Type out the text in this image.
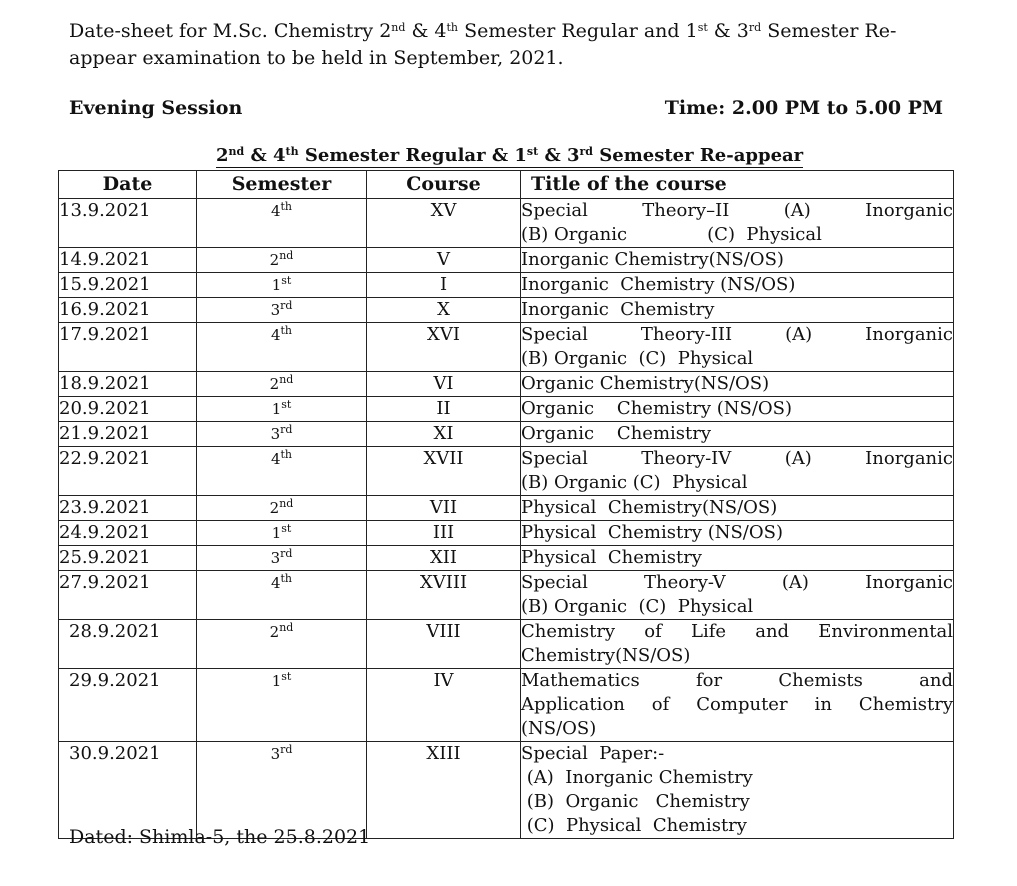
Date-sheet for M.Sc. Chemistry 2nd & 4th Semester Regular and 1st & 3rd Semester Re-
appear examination to be held in September, 2021.
Evening Session	Time: 2.00 PM to 5.00 PM
2nd & 4th Semester Regular & 1st & 3rd Semester Re-appear
Date	Semester	Course	Title of the course
13.9.2021	4th	XV	Special Theory–II (A) Inorganic
(B) Organic              (C)  Physical

14.9.2021	2nd	V	Inorganic Chemistry(NS/OS)

15.9.2021	1st	I	Inorganic  Chemistry (NS/OS)

16.9.2021	3rd	X	Inorganic  Chemistry

17.9.2021	4th	XVI	Special Theory-III (A) Inorganic
(B) Organic  (C)  Physical

18.9.2021	2nd	VI	Organic Chemistry(NS/OS)

20.9.2021	1st	II	Organic    Chemistry (NS/OS)

21.9.2021	3rd	XI	Organic    Chemistry

22.9.2021	4th	XVII	Special Theory-IV (A) Inorganic
(B) Organic (C)  Physical

23.9.2021	2nd	VII	Physical  Chemistry(NS/OS)

24.9.2021	1st	III	Physical  Chemistry (NS/OS)

25.9.2021	3rd	XII	Physical  Chemistry

27.9.2021	4th	XVIII	Special Theory-V (A) Inorganic
(B) Organic  (C)  Physical

28.9.2021	2nd	VIII	Chemistry of Life and Environmental
Chemistry(NS/OS)

29.9.2021	1st	IV	Mathematics for Chemists and
Application of Computer in Chemistry
(NS/OS)

30.9.2021	3rd	XIII	Special  Paper:-
(A)  Inorganic Chemistry
(B)  Organic   Chemistry
(C)  Physical  Chemistry
Dated: Shimla-5, the 25.8.2021
